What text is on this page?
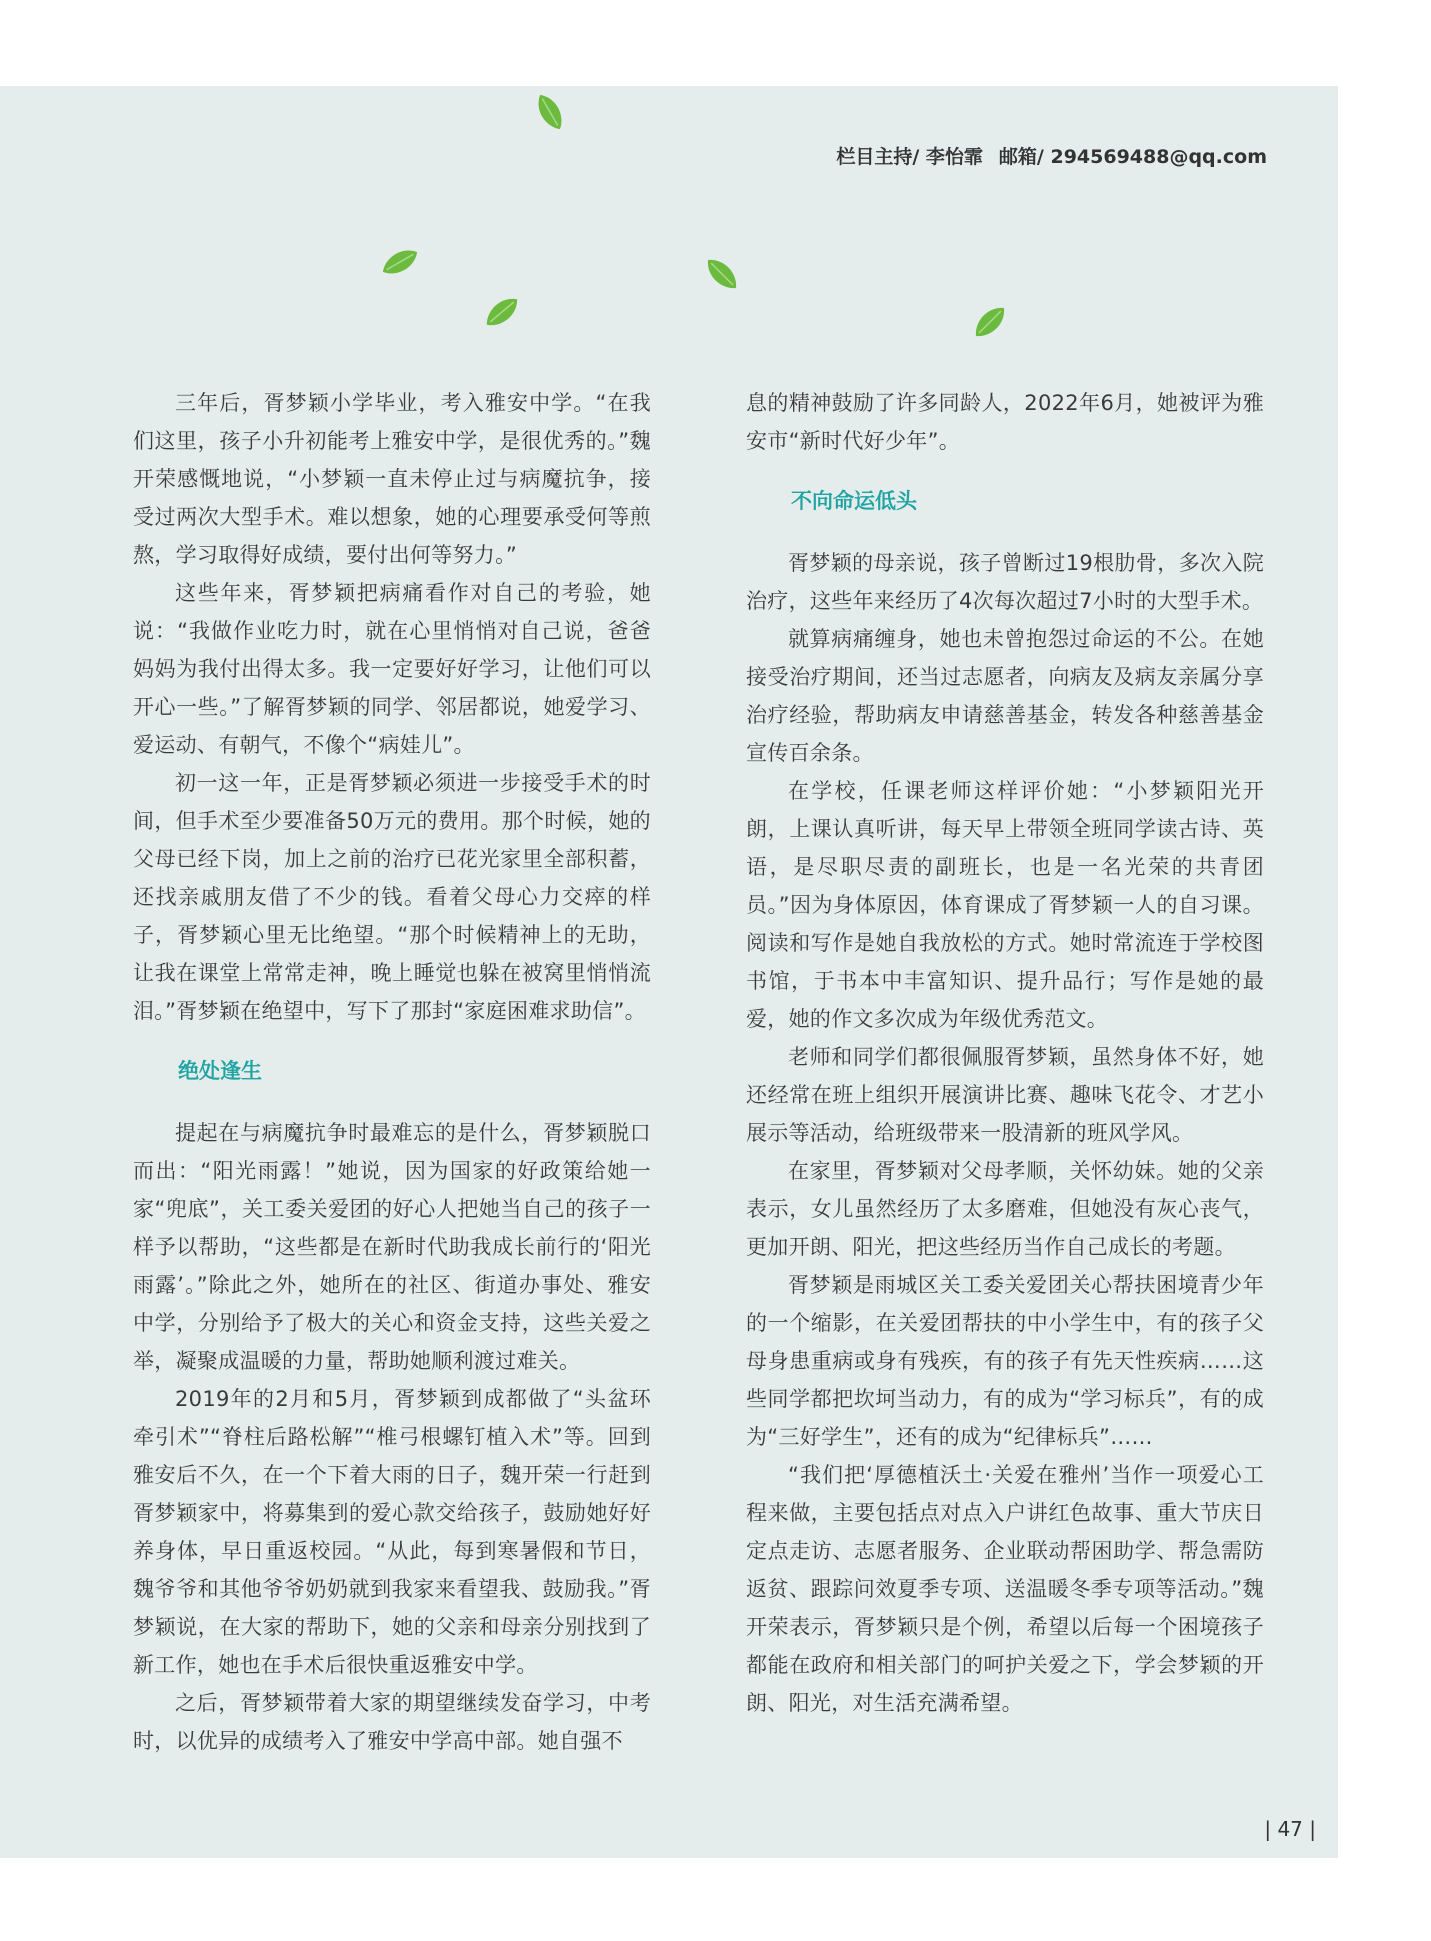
栏目主持/ 李怡霏 邮箱/ 294569488@qq.com

三年后，胥梦颖小学毕业，考入雅安中学。“在我们这里，孩子小升初能考上雅安中学，是很优秀的。”魏开荣感慨地说，“小梦颖一直未停止过与病魔抗争，接受过两次大型手术。难以想象，她的心理要承受何等煎熬，学习取得好成绩，要付出何等努力。”

这些年来，胥梦颖把病痛看作对自己的考验，她说：“我做作业吃力时，就在心里悄悄对自己说，爸爸妈妈为我付出得太多。我一定要好好学习，让他们可以开心一些。”了解胥梦颖的同学、邻居都说，她爱学习、爱运动、有朝气，不像个“病娃儿”。

初一这一年，正是胥梦颖必须进一步接受手术的时间，但手术至少要准备50万元的费用。那个时候，她的父母已经下岗，加上之前的治疗已花光家里全部积蓄，还找亲戚朋友借了不少的钱。看着父母心力交瘁的样子，胥梦颖心里无比绝望。“那个时候精神上的无助，让我在课堂上常常走神，晚上睡觉也躲在被窝里悄悄流泪。”胥梦颖在绝望中，写下了那封“家庭困难求助信”。

绝处逢生

提起在与病魔抗争时最难忘的是什么，胥梦颖脱口而出：“阳光雨露！”她说，因为国家的好政策给她一家“兜底”，关工委关爱团的好心人把她当自己的孩子一样予以帮助，“这些都是在新时代助我成长前行的‘阳光雨露’。”除此之外，她所在的社区、街道办事处、雅安中学，分别给予了极大的关心和资金支持，这些关爱之举，凝聚成温暖的力量，帮助她顺利渡过难关。

2019年的2月和5月，胥梦颖到成都做了“头盆环牵引术”“脊柱后路松解”“椎弓根螺钉植入术”等。回到雅安后不久，在一个下着大雨的日子，魏开荣一行赶到胥梦颖家中，将募集到的爱心款交给孩子，鼓励她好好养身体，早日重返校园。“从此，每到寒暑假和节日，魏爷爷和其他爷爷奶奶就到我家来看望我、鼓励我。”胥梦颖说，在大家的帮助下，她的父亲和母亲分别找到了新工作，她也在手术后很快重返雅安中学。

之后，胥梦颖带着大家的期望继续发奋学习，中考时，以优异的成绩考入了雅安中学高中部。她自强不

息的精神鼓励了许多同龄人，2022年6月，她被评为雅安市“新时代好少年”。

不向命运低头

胥梦颖的母亲说，孩子曾断过19根肋骨，多次入院治疗，这些年来经历了4次每次超过7小时的大型手术。

就算病痛缠身，她也未曾抱怨过命运的不公。在她接受治疗期间，还当过志愿者，向病友及病友亲属分享治疗经验，帮助病友申请慈善基金，转发各种慈善基金宣传百余条。

在学校，任课老师这样评价她：“小梦颖阳光开朗，上课认真听讲，每天早上带领全班同学读古诗、英语，是尽职尽责的副班长，也是一名光荣的共青团员。”因为身体原因，体育课成了胥梦颖一人的自习课。阅读和写作是她自我放松的方式。她时常流连于学校图书馆，于书本中丰富知识、提升品行；写作是她的最爱，她的作文多次成为年级优秀范文。

老师和同学们都很佩服胥梦颖，虽然身体不好，她还经常在班上组织开展演讲比赛、趣味飞花令、才艺小展示等活动，给班级带来一股清新的班风学风。

在家里，胥梦颖对父母孝顺，关怀幼妹。她的父亲表示，女儿虽然经历了太多磨难，但她没有灰心丧气，更加开朗、阳光，把这些经历当作自己成长的考题。

胥梦颖是雨城区关工委关爱团关心帮扶困境青少年的一个缩影，在关爱团帮扶的中小学生中，有的孩子父母身患重病或身有残疾，有的孩子有先天性疾病……这些同学都把坎坷当动力，有的成为“学习标兵”，有的成为“三好学生”，还有的成为“纪律标兵”……

“我们把‘厚德植沃土·关爱在雅州’当作一项爱心工程来做，主要包括点对点入户讲红色故事、重大节庆日定点走访、志愿者服务、企业联动帮困助学、帮急需防返贫、跟踪问效夏季专项、送温暖冬季专项等活动。”魏开荣表示，胥梦颖只是个例，希望以后每一个困境孩子都能在政府和相关部门的呵护关爱之下，学会梦颖的开朗、阳光，对生活充满希望。

| 47 |
